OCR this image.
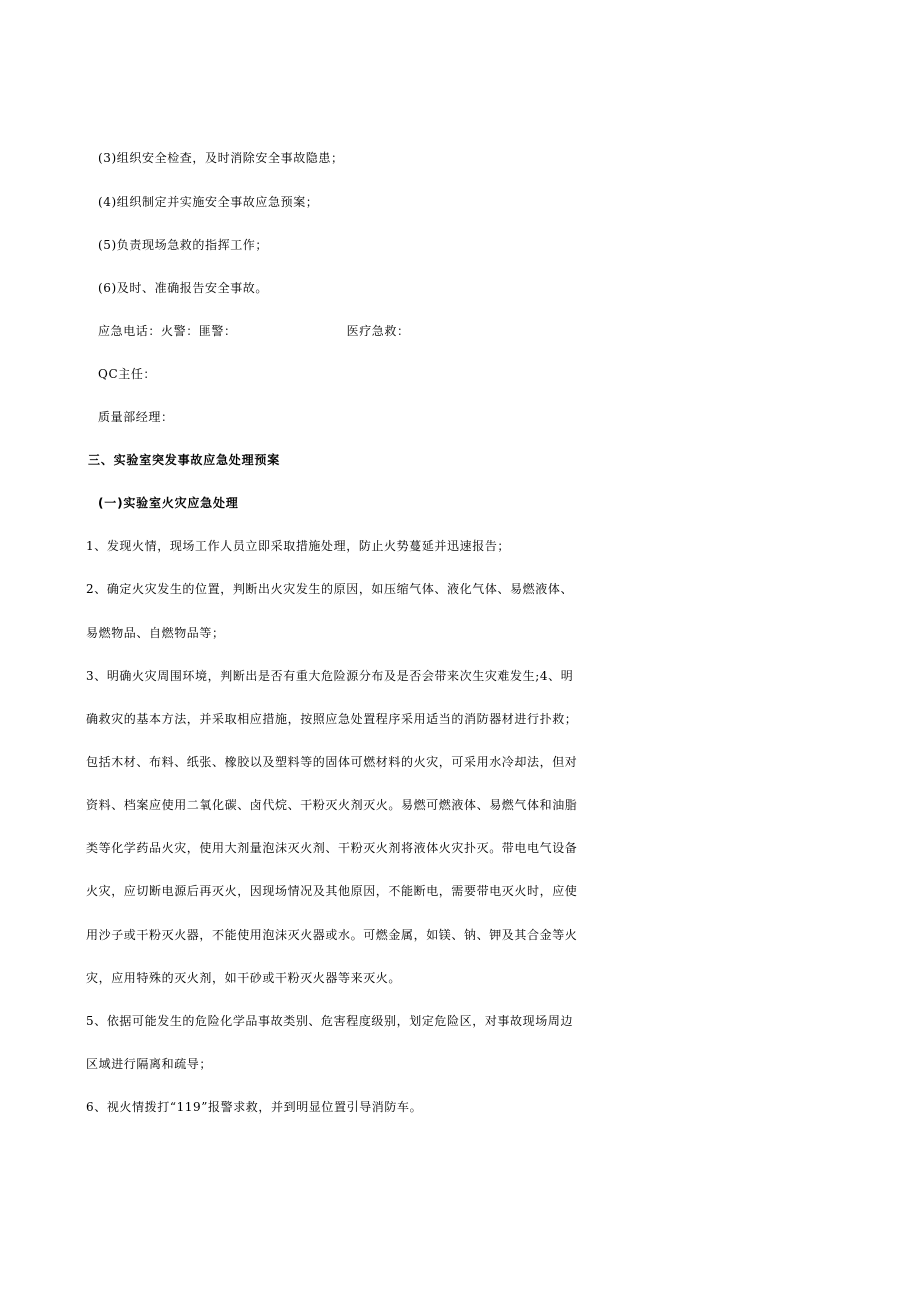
(3)组织安全检查，及时消除安全事故隐患；
(4)组织制定并实施安全事故应急预案；
(5)负责现场急救的指挥工作；
(6)及时、准确报告安全事故。
应急电话：火警：匪警：	医疗急救：
QC主任：
质量部经理：
三、实验室突发事故应急处理预案
(一)实验室火灾应急处理
1、发现火情，现场工作人员立即采取措施处理，防止火势蔓延并迅速报告；
2、确定火灾发生的位置，判断出火灾发生的原因，如压缩气体、液化气体、易燃液体、
易燃物品、自燃物品等；
3、明确火灾周围环境，判断出是否有重大危险源分布及是否会带来次生灾难发生;4、明
确救灾的基本方法，并采取相应措施，按照应急处置程序采用适当的消防器材进行扑救；
包括木材、布料、纸张、橡胶以及塑料等的固体可燃材料的火灾，可采用水冷却法，但对
资料、档案应使用二氧化碳、卤代烷、干粉灭火剂灭火。易燃可燃液体、易燃气体和油脂
类等化学药品火灾，使用大剂量泡沫灭火剂、干粉灭火剂将液体火灾扑灭。带电电气设备
火灾，应切断电源后再灭火，因现场情况及其他原因，不能断电，需要带电灭火时，应使
用沙子或干粉灭火器，不能使用泡沫灭火器或水。可燃金属，如镁、钠、钾及其合金等火
灾，应用特殊的灭火剂，如干砂或干粉灭火器等来灭火。
5、依据可能发生的危险化学品事故类别、危害程度级别，划定危险区，对事故现场周边
区域进行隔离和疏导；
6、视火情拨打“119”报警求救，并到明显位置引导消防车。
